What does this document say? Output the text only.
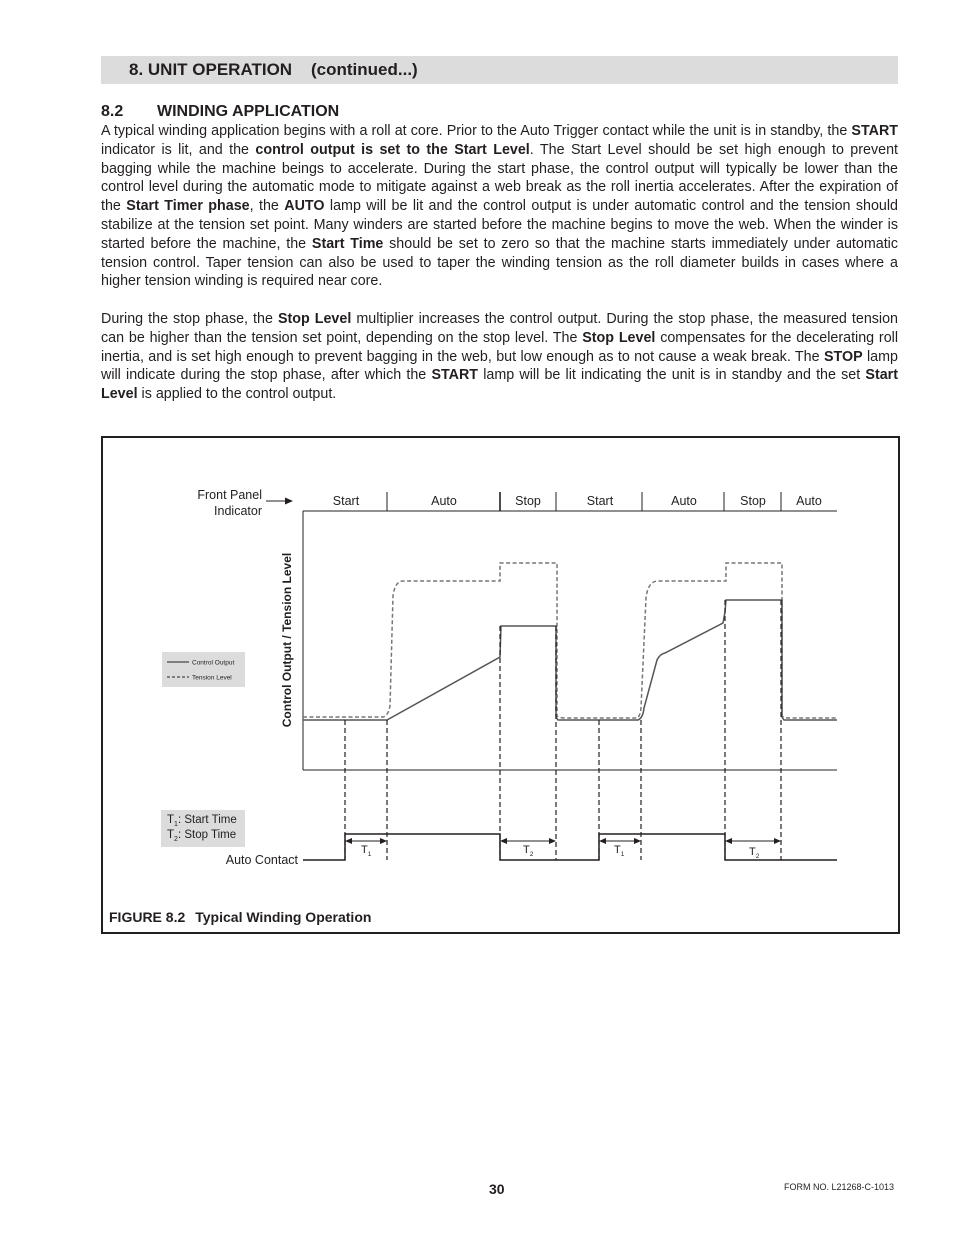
8. UNIT OPERATION (continued...)
8.2 WINDING APPLICATION

A typical winding application begins with a roll at core. Prior to the Auto Trigger contact while the unit is in standby, the START indicator is lit, and the control output is set to the Start Level. The Start Level should be set high enough to prevent bagging while the machine beings to accelerate. During the start phase, the control output will typically be lower than the control level during the automatic mode to mitigate against a web break as the roll inertia accelerates. After the expiration of the Start Timer phase, the AUTO lamp will be lit and the control output is under automatic control and the tension should stabilize at the tension set point. Many winders are started before the machine begins to move the web. When the winder is started before the machine, the Start Time should be set to zero so that the machine starts immediately under automatic tension control. Taper tension can also be used to taper the winding tension as the roll diameter builds in cases where a higher tension winding is required near core.

During the stop phase, the Stop Level multiplier increases the control output. During the stop phase, the measured tension can be higher than the tension set point, depending on the stop level. The Stop Level compensates for the decelerating roll inertia, and is set high enough to prevent bagging in the web, but low enough as to not cause a weak break. The STOP lamp will indicate during the stop phase, after which the START lamp will be lit indicating the unit is in standby and the set Start Level is applied to the control output.

Front Panel
Indicator
Start	Auto	Stop	Start	Auto	Stop Auto
Control Output / Tension Level
Control Output
Tension Level
$T_1$: Start Time
$T_2$: Stop Time
Auto Contact
$T_1$	$T_2$	$T_1$	$T_2$
FIGURE 8.2 Typical Winding Operation
30	FORM NO. L21268-C-1013
